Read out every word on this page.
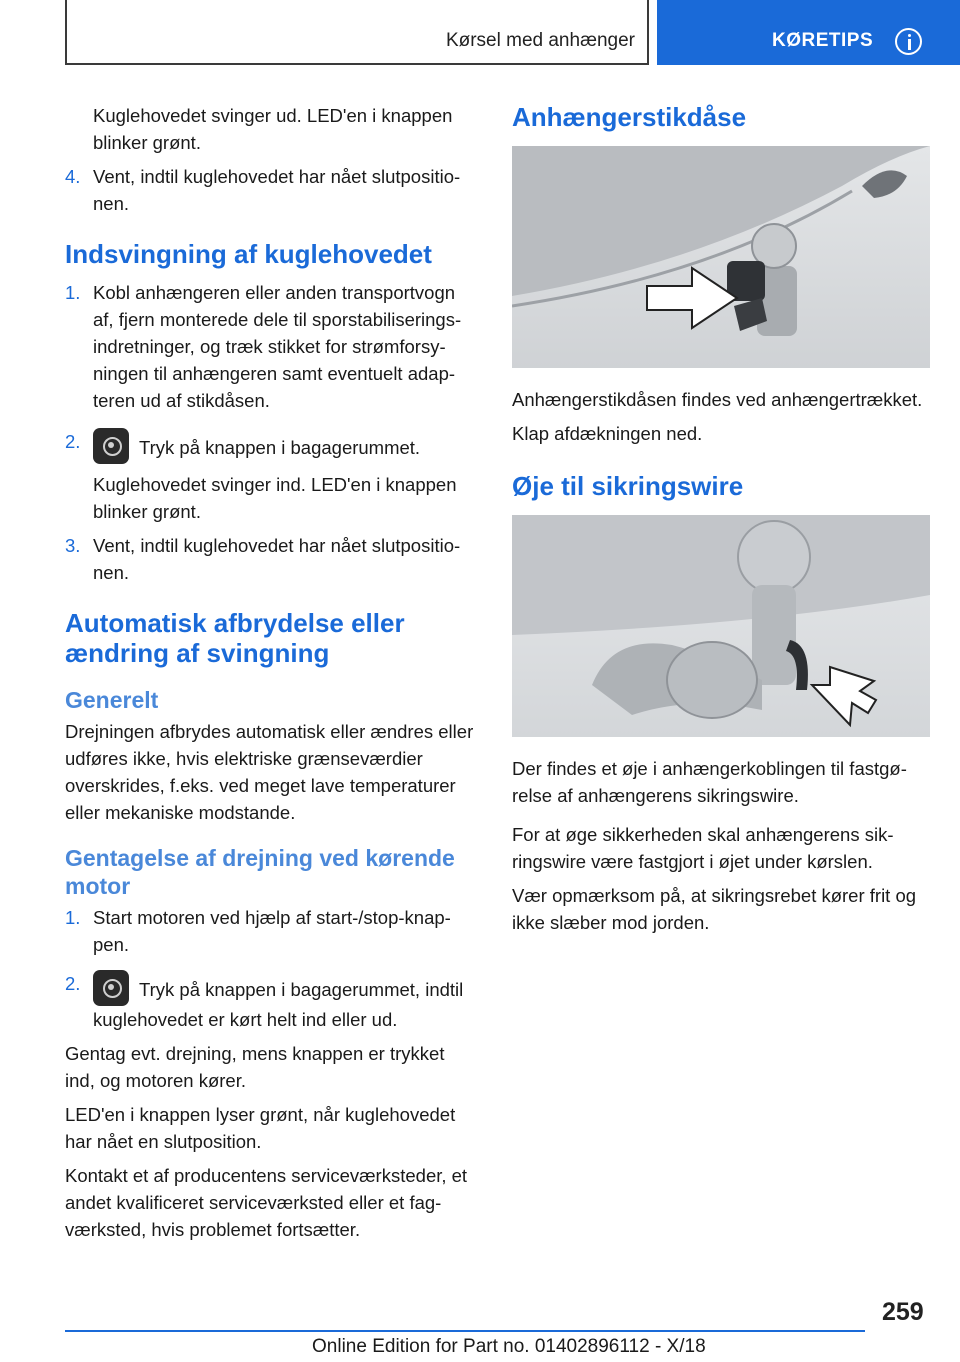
Kørsel med anhænger	KØRETIPS

Kuglehovedet svinger ud. LED'en i knappen blinker grønt.

4. Vent, indtil kuglehovedet har nået slutpositionen.
Indsvingning af kuglehovedet
1. Kobl anhængeren eller anden transportvogn af, fjern monterede dele til sporstabiliseringsindretninger, og træk stikket for strømforsyningen til anhængeren samt eventuelt adapteren ud af stikdåsen.
2.	Tryk på knappen i bagagerummet.

Kuglehovedet svinger ind. LED'en i knappen blinker grønt.

3. Vent, indtil kuglehovedet har nået slutpositionen.
Automatisk afbrydelse eller ændring af svingning
Generelt

Drejningen afbrydes automatisk eller ændres eller udføres ikke, hvis elektriske grænseværdier overskrides, f.eks. ved meget lave temperaturer eller mekaniske modstande.

Gentagelse af drejning ved kørende motor
1. Start motoren ved hjælp af start-/stop-knappen.
2.	Tryk på knappen i bagagerummet, indtil kuglehovedet er kørt helt ind eller ud.

Gentag evt. drejning, mens knappen er trykket ind, og motoren kører.

LED'en i knappen lyser grønt, når kuglehovedet har nået en slutposition.

Kontakt et af producentens serviceværksteder, et andet kvalificeret serviceværksted eller et fagværksted, hvis problemet fortsætter.

Anhængerstikdåse

Anhængerstikdåsen findes ved anhængertrækket.

Klap afdækningen ned.

Øje til sikringswire

Der findes et øje i anhængerkoblingen til fastgørelse af anhængerens sikringswire.

For at øge sikkerheden skal anhængerens sikringswire være fastgjort i øjet under kørslen.

Vær opmærksom på, at sikringsrebet kører frit og ikke slæber mod jorden.

259
Online Edition for Part no. 01402896112 - X/18
